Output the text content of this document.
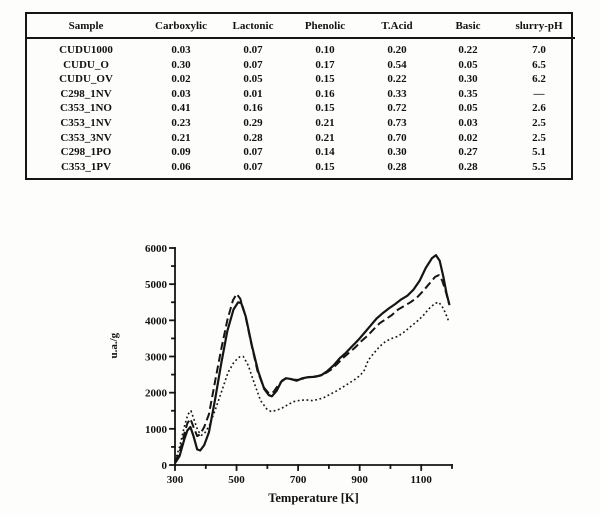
Sample	Carboxylic	Lactonic	Phenolic	T.Acid	Basic	slurry-pH
CUDU1000	0.03	0.07	0.10	0.20	0.22	7.0
CUDU_O	0.30	0.07	0.17	0.54	0.05	6.5
CUDU_OV	0.02	0.05	0.15	0.22	0.30	6.2
C298_1NV	0.03	0.01	0.16	0.33	0.35	—
C353_1NO	0.41	0.16	0.15	0.72	0.05	2.6
C353_1NV	0.23	0.29	0.21	0.73	0.03	2.5
C353_3NV	0.21	0.28	0.21	0.70	0.02	2.5
C298_1PO	0.09	0.07	0.14	0.30	0.27	5.1
C353_1PV	0.06	0.07	0.15	0.28	0.28	5.5
300	500	700	900	1100
0
1000
2000
3000
4000
5000
6000
Temperature [K]
u.a./g
